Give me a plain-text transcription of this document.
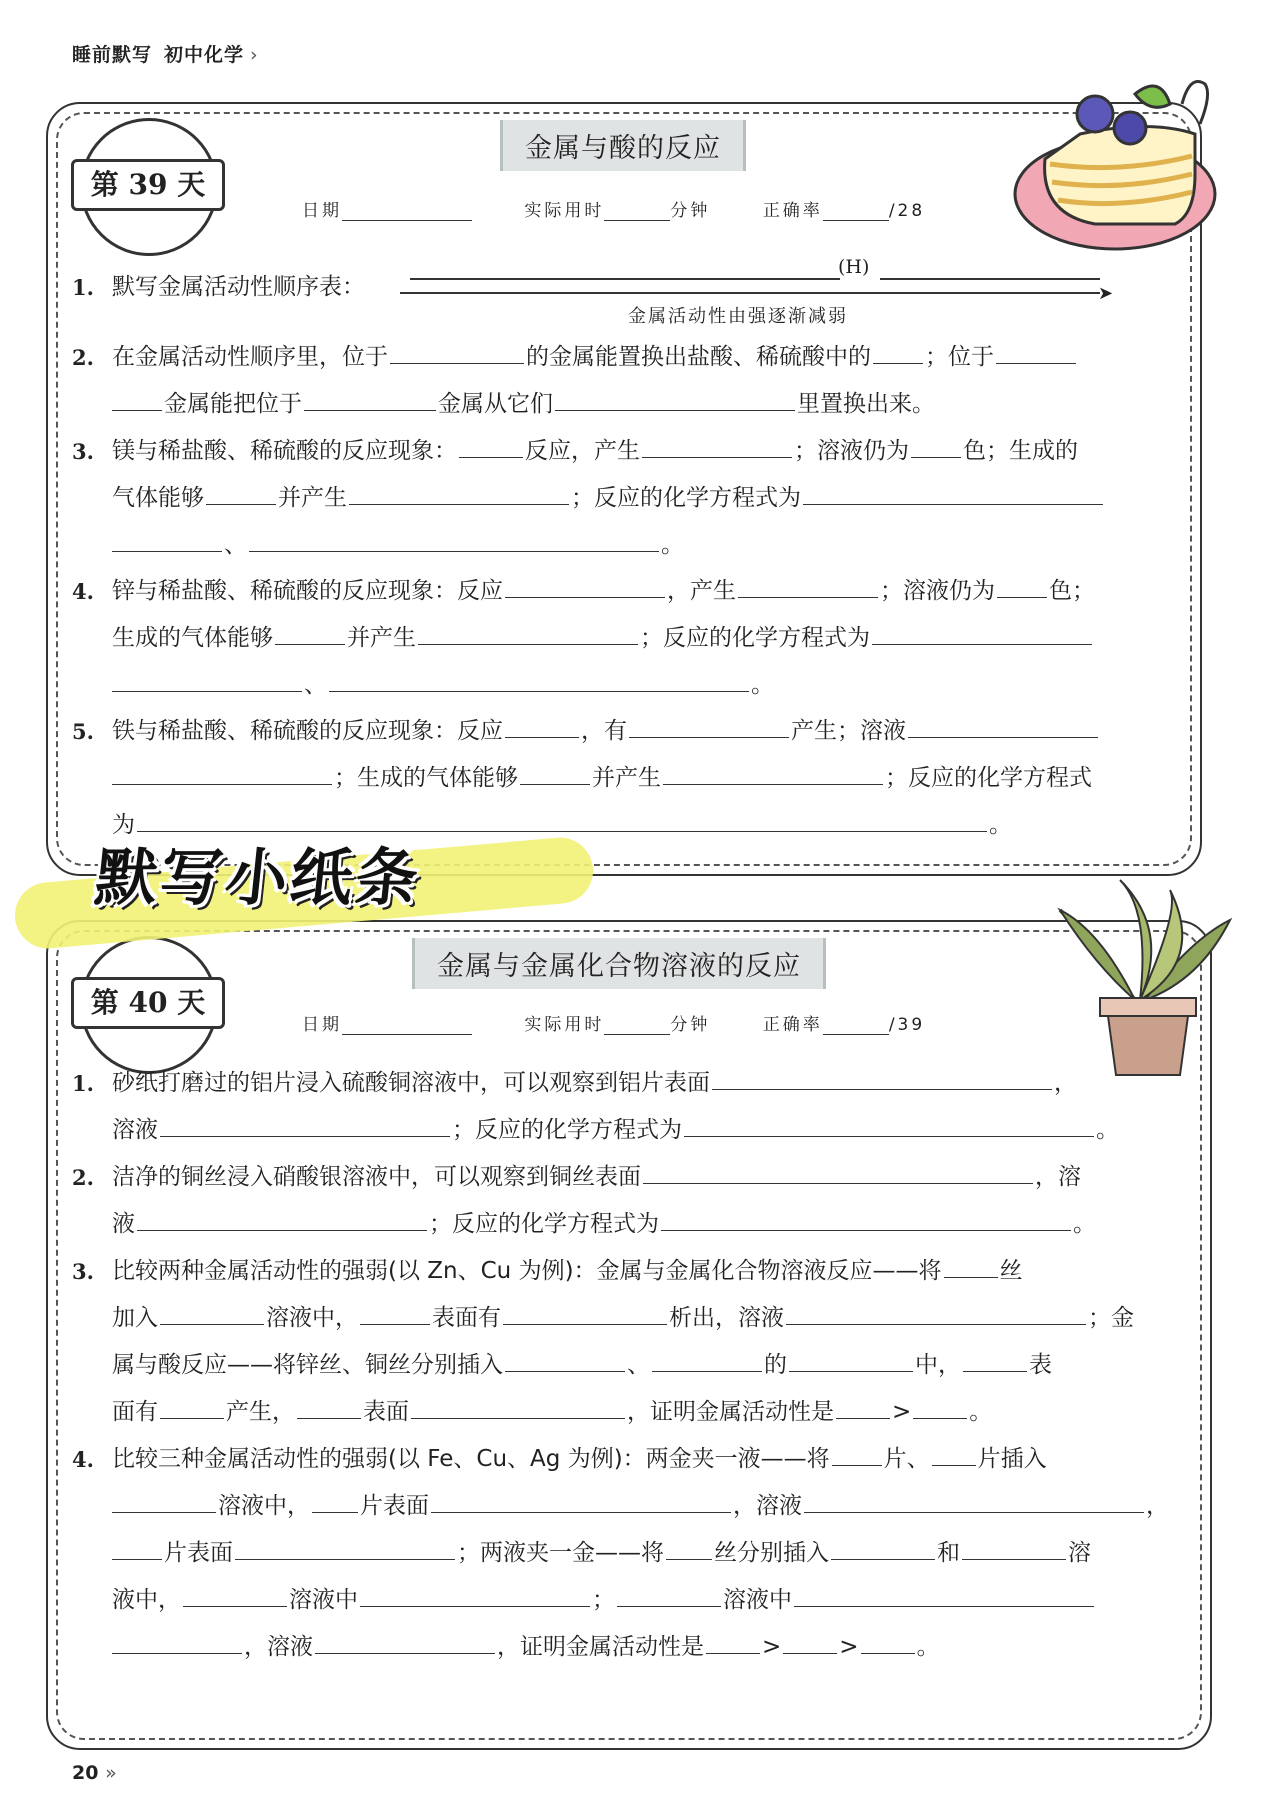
睡前默写 初中化学 ›
第 39 天
金属与酸的反应
日期	实际用时	分钟	正确率	/28
1. 默写金属活动性顺序表：
(H)
➤
金属活动性由强逐渐减弱
2. 在金属活动性顺序里，位于	的金属能置换出盐酸、稀硫酸中的 ；位于
金属能把位于	金属从它们	里置换出来。
3. 镁与稀盐酸、稀硫酸的反应现象：	反应，产生	；溶液仍为 色；生成的
气体能够	并产生	；反应的化学方程式为
、	。
4. 锌与稀盐酸、稀硫酸的反应现象：反应	，产生	；溶液仍为 色；
生成的气体能够	并产生	；反应的化学方程式为
、	。
5. 铁与稀盐酸、稀硫酸的反应现象：反应	，有	产生；溶液
；生成的气体能够	并产生	；反应的化学方程式
为	。
默写小纸条
第 40 天
金属与金属化合物溶液的反应
日期	实际用时	分钟	正确率	/39
1. 砂纸打磨过的铝片浸入硫酸铜溶液中，可以观察到铝片表面	，
溶液	；反应的化学方程式为	。
2. 洁净的铜丝浸入硝酸银溶液中，可以观察到铜丝表面	，溶
液	；反应的化学方程式为	。
3. 比较两种金属活动性的强弱(以 Zn、Cu 为例)：金属与金属化合物溶液反应——将	丝
加入	溶液中，	表面有	析出，溶液	；金
属与酸反应——将锌丝、铜丝分别插入	、	的	中，	表
面有	产生，	表面	，证明金属活动性是	>	。
4. 比较三种金属活动性的强弱(以 Fe、Cu、Ag 为例)：两金夹一液——将 片、 片插入
溶液中， 片表面	，溶液	，
片表面	；两液夹一金——将 丝分别插入	和	溶
液中，	溶液中	；	溶液中
，溶液	，证明金属活动性是	>	>	。
20 »
